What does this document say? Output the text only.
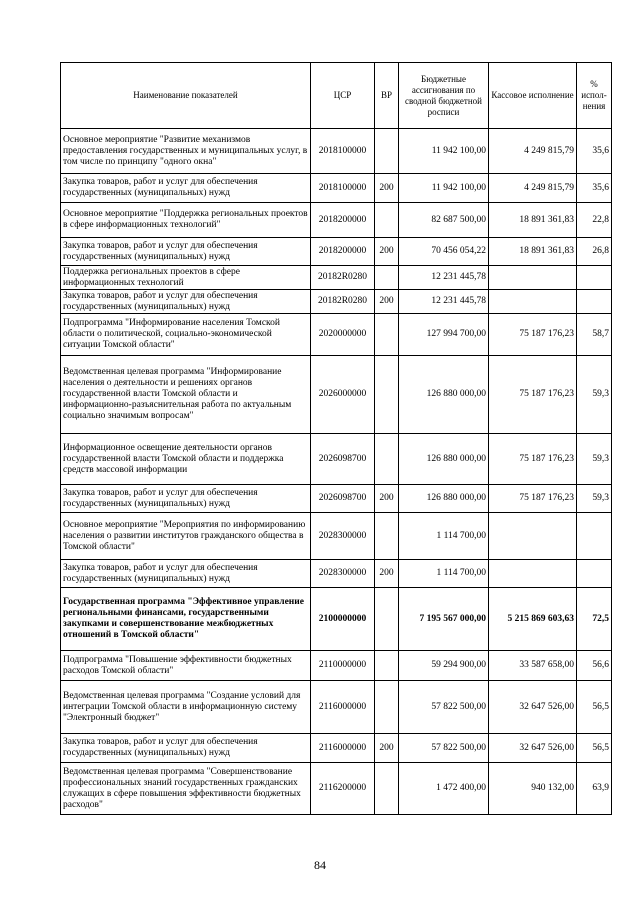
Наименование показателей	ЦСР	ВР	Бюджетные ассигнования по сводной бюджетной росписи	Кассовое исполнение	% испол-нения
Основное мероприятие "Развитие механизмов предоставления государственных и муниципальных услуг, в том числе по принципу "одного окна"	2018100000		11 942 100,00	4 249 815,79	35,6
Закупка товаров, работ и услуг для обеспечения государственных (муниципальных) нужд	2018100000	200	11 942 100,00	4 249 815,79	35,6
Основное мероприятие "Поддержка региональных проектов в сфере информационных технологий"	2018200000		82 687 500,00	18 891 361,83	22,8
Закупка товаров, работ и услуг для обеспечения государственных (муниципальных) нужд	2018200000	200	70 456 054,22	18 891 361,83	26,8
Поддержка региональных проектов в сфере информационных технологий	20182R0280		12 231 445,78		
Закупка товаров, работ и услуг для обеспечения государственных (муниципальных) нужд	20182R0280	200	12 231 445,78		
Подпрограмма "Информирование населения Томской области о политической, социально-экономической ситуации Томской области"	2020000000		127 994 700,00	75 187 176,23	58,7
Ведомственная целевая программа "Информирование населения о деятельности и решениях органов государственной власти Томской области и информационно-разъяснительная работа по актуальным социально значимым вопросам"	2026000000		126 880 000,00	75 187 176,23	59,3
Информационное освещение деятельности органов государственной власти Томской области и поддержка средств массовой информации	2026098700		126 880 000,00	75 187 176,23	59,3
Закупка товаров, работ и услуг для обеспечения государственных (муниципальных) нужд	2026098700	200	126 880 000,00	75 187 176,23	59,3
Основное мероприятие "Мероприятия по информированию населения о развитии институтов гражданского общества в Томской области"	2028300000		1 114 700,00		
Закупка товаров, работ и услуг для обеспечения государственных (муниципальных) нужд	2028300000	200	1 114 700,00		
Государственная программа "Эффективное управление региональными финансами, государственными закупками и совершенствование межбюджетных отношений в Томской области"	2100000000		7 195 567 000,00	5 215 869 603,63	72,5
Подпрограмма "Повышение эффективности бюджетных расходов Томской области"	2110000000		59 294 900,00	33 587 658,00	56,6
Ведомственная целевая программа "Создание условий для интеграции Томской области в информационную систему "Электронный бюджет"	2116000000		57 822 500,00	32 647 526,00	56,5
Закупка товаров, работ и услуг для обеспечения государственных (муниципальных) нужд	2116000000	200	57 822 500,00	32 647 526,00	56,5
Ведомственная целевая программа "Совершенствование профессиональных знаний государственных гражданских служащих в сфере повышения эффективности бюджетных расходов"	2116200000		1 472 400,00	940 132,00	63,9
84
